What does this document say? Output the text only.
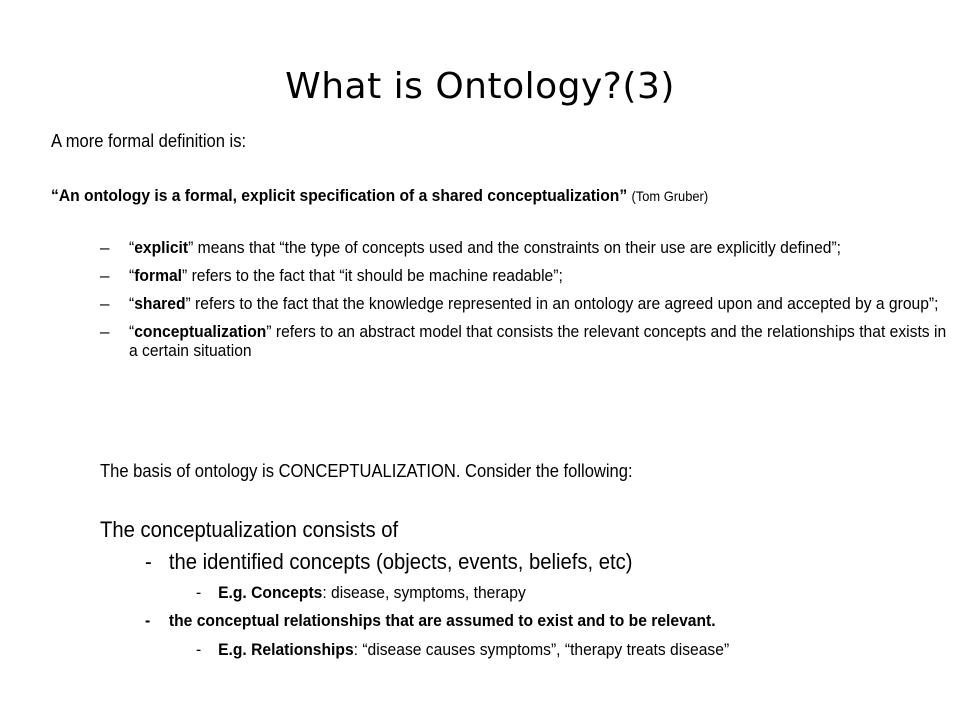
What is Ontology?(3)
A more formal definition is:
“An ontology is a formal, explicit specification of a shared conceptualization” (Tom Gruber)
– “explicit” means that “the type of concepts used and the constraints on their use are explicitly defined”;
– “formal” refers to the fact that “it should be machine readable”;
– “shared” refers to the fact that the knowledge represented in an ontology are agreed upon and accepted by a group”;
– “conceptualization” refers to an abstract model that consists the relevant concepts and the relationships that exists in a certain situation
The basis of ontology is CONCEPTUALIZATION. Consider the following:
The conceptualization consists of
- the identified concepts (objects, events, beliefs, etc)
- E.g. Concepts: disease, symptoms, therapy
- the conceptual relationships that are assumed to exist and to be relevant.
- E.g. Relationships: “disease causes symptoms”, “therapy treats disease”
